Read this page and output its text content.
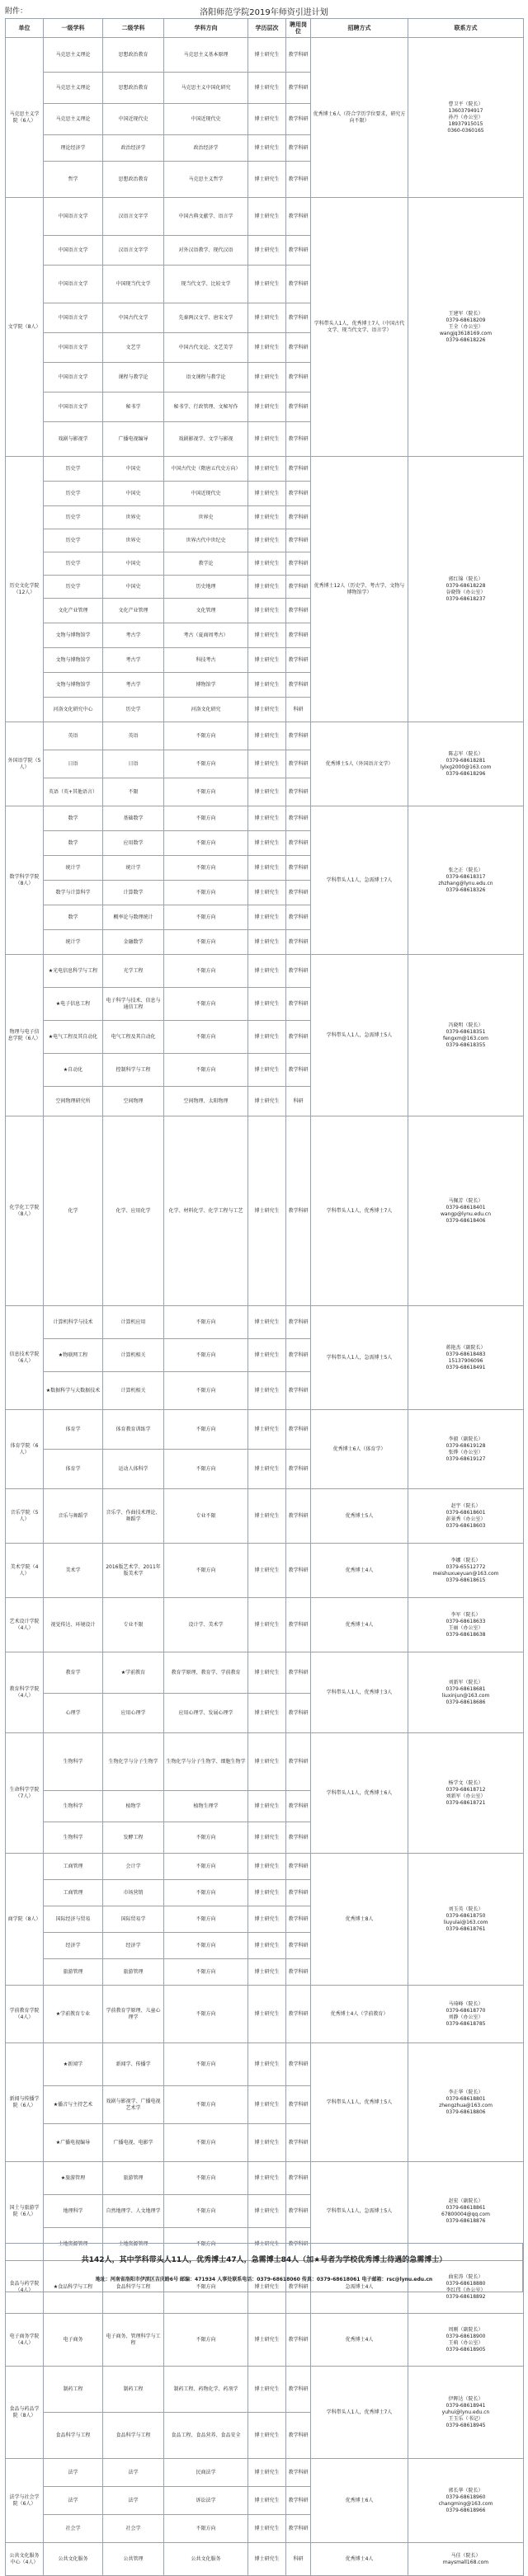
附件：	洛阳师范学院2019年师资引进计划
单位	一级学科	二级学科	学科方向	学历层次	聘用岗位	招聘方式	联系方式
马克思主义学院（6人）	马克思主义理论	思想政治教育	马克思主义基本原理	博士研究生	教学科研	优秀博士6人（符合学历学位要求，研究方向不限）	曹卫平（院长）
13603794917
孙丹（办公室）
18937915015
0360-0360165
	马克思主义理论	思想政治教育	马克思主义中国化研究	博士研究生	教学科研		
	马克思主义理论	中国近现代史	中国近现代史	博士研究生	教学科研		
	理论经济学	政治经济学	政治经济学	博士研究生	教学科研		
	哲学	思想政治教育	马克思主义哲学	博士研究生	教学科研		
文学院（8人）	中国语言文学	汉语言文字学	中国古典文献学、语言学	博士研究生	教学科研	学科带头人1人，优秀博士7人（中国古代文学、现当代文学、语言学）	王建军（院长）
0379-68618209
王全（办公室）
wangjq3618169.com
0379-68618226
	中国语言文学	汉语言文字学	对外汉语教学、现代汉语	博士研究生	教学科研		
	中国语言文学	中国现当代文学	现当代文学、比较文学	博士研究生	教学科研		
	中国语言文学	中国古代文学	先秦两汉文学、唐宋文学	博士研究生	教学科研		
	中国语言文学	文艺学	中国古代文论、文艺美学	博士研究生	教学科研		
	中国语言文学	课程与教学论	语文课程与教学论	博士研究生	教学科研		
	中国语言文学	秘书学	秘书学、行政管理、文秘写作	博士研究生	教学科研		
	戏剧与影视学	广播电视编导	戏剧影视学、文学与影视	博士研究生	教学科研		
历史文化学院（12人）	历史学	中国史	中国古代史（隋唐五代史方向）	博士研究生	教学科研	优秀博士12人（历史学、考古学、文物与博物馆学）	郭红锦（院长）
0379-68618228
谷晓锋（办公室）
0379-68618237
	历史学	中国史	中国近现代史	博士研究生	教学科研		
	历史学	世界史	世界史	博士研究生	教学科研		
	历史学	世界史	世界古代中世纪史	博士研究生	教学科研		
	历史学	中国史	教学论	博士研究生	教学科研		
	历史学	中国史	历史地理	博士研究生	教学科研		
	文化产业管理	文化产业管理	文化管理	博士研究生	教学科研		
	文物与博物馆学	考古学	考古（夏商周考古）	博士研究生	教学科研		
	文物与博物馆学	考古学	科技考古	博士研究生	教学科研		
	文物与博物馆学	考古学	博物馆学	博士研究生	教学科研		
	河洛文化研究中心	历史学	河洛文化研究	博士研究生	科研		
外国语学院（5人）	英语	英语	不限方向	博士研究生	教学科研	优秀博士5人（外国语言文学）	陈志军（院长）
0379-68618281
lylxg2000@163.com
0379-68618296
	日语	日语	不限方向	博士研究生	教学科研		
	英语（英+其他语言）	不限	不限方向	博士研究生	教学科研		
数学科学学院（8人）	数学	基础数学	不限方向	博士研究生	教学科研	学科带头人1人，急需博士7人	张之正（院长）
0379-68618317
zhzhang@lynu.edu.cn
0379-68618326
	数学	应用数学	不限方向	博士研究生	教学科研		
	统计学	统计学	不限方向	博士研究生	教学科研		
	数学与计算科学	计算数学	不限方向	博士研究生	教学科研		
	数学	概率论与数理统计	不限方向	博士研究生	教学科研		
	统计学	金融数学	不限方向	博士研究生	教学科研		
物理与电子信息学院（6人）	★光电信息科学与工程	光学工程	不限方向	博士研究生	教学科研	学科带头人1人，急需博士5人	冯晓明（院长）
0379-68618351
fengxm@163.com
0379-68618355
	★电子信息工程	电子科学与技术、信息与通信工程	不限方向	博士研究生	教学科研		
	★电气工程及其自动化	电气工程及其自动化	不限方向	博士研究生	教学科研		
	★自动化	控制科学与工程	不限方向	博士研究生	教学科研		
	空间物理研究所	空间物理	空间物理、太阳物理	博士研究生	科研		
化学化工学院（8人）	化学	化学、应用化学	化学、材料化学、化学工程与工艺	博士研究生	教学科研	学科带头人1人，优秀博士7人	马佩芳（院长）
0379-68618401
wangp@lynu.edu.cn
0379-68618406
信息技术学院（6人）	计算机科学与技术	计算机应用	不限方向	博士研究生	教学科研	学科带头人1人，急需博士5人	蒋艳杰（副院长）
0379-68618483
15137906096
0379-68618491
	★物联网工程	计算机相关	不限方向	博士研究生	教学科研		
	★数据科学与大数据技术	计算机相关	不限方向	博士研究生	教学科研		
体育学院（6人）	体育学	体育教育训练学	不限方向	博士研究生	教学科研	优秀博士6人（体育学）	李毅（副院长）
0379-68619128
张烨（办公室）
0379-68619127
	体育学	运动人体科学	不限方向	博士研究生	教学科研		
音乐学院（5人）	音乐与舞蹈学	音乐学、作曲技术理论、舞蹈学	专业不限	博士研究生	教学科研	优秀博士5人	赵宇（院长）
0379-68618601
彭景秀（办公室）
0379-68618603
美术学院（4人）	美术学	2016版艺术学、2011年版美术学	不限方向	博士研究生	教学科研	优秀博士4人	李娜（院长）
0379-65512772
meishuxueyuan@163.com
0379-68618615
艺术设计学院（4人）	视觉传达、环境设计	专业不限	设计学、美术学	博士研究生	教学科研	优秀博士4人	李军（院长）
0379-68618633
王丽（办公室）
0379-68618638
教育科学学院（4人）	教育学	★学前教育	教育学原理、教育学、学前教育	博士研究生	教学科研	学科带头人1人，优秀博士3人	刘新军（院长）
0379-68618681
liuxinjun@163.com
0379-68618686
	心理学	应用心理学	应用心理学、发展心理学	博士研究生	教学科研		
生命科学学院（7人）	生物科学	生物化学与分子生物学	生物化学与分子生物学、细胞生物学	博士研究生	教学科研	学科带头人1人，优秀博士6人	杨学文（院长）
0379-68618712
刘新军（办公室）
0379-68618721
	生物科学	植物学	植物生理学	博士研究生	教学科研		
	生物科学	发酵工程	不限方向	博士研究生	教学科研		
商学院（8人）	工商管理	会计学	不限方向	博士研究生	教学科研	优秀博士8人	刘玉英（院长）
0379-68618750
liuyulai@163.com
0379-68618761
	工商管理	市场营销	不限方向	博士研究生	教学科研		
	国际经济与贸易	国际贸易学	不限方向	博士研究生	教学科研		
	经济学	经济学	不限方向	博士研究生	教学科研		
	旅游管理	旅游管理	不限方向	博士研究生	教学科研		
学前教育学院（4人）	★学前教育专业	学前教育学原理、儿童心理学	不限方向	博士研究生	教学科研	优秀博士4人（学前教育）	马琦峰（院长）
0379-68618770
刘静（办公室）
0379-68618785
新闻与传播学院（6人）	★新闻学	新闻学、传播学	不限方向	博士研究生	教学科研	学科带头人1人，优秀博士5人	李正华（院长）
0379-68618801
zhengzhua@163.com
0379-68618806
	★播音与主持艺术	戏剧与影视学、广播电视艺术学	不限方向	博士研究生	教学科研		
	★广播电视编导	广播电视、电影学	不限方向	博士研究生	教学科研		
国土与旅游学院（6人）	★旅游管理	旅游管理	不限方向	博士研究生	教学科研	学科带头人1人，急需博士5人	赵宏（副院长）
0379-68618861
67800004@qq.com
0379-68618876
	地理科学	自然地理学、人文地理学	不限方向	博士研究生	教学科研		
	土地资源管理	土地资源管理	不限方向	博士研究生	教学科研		
食品与药学院（4人）	★食品科学与工程	食品科学与工程	不限方向	博士研究生	教学科研	急需博士4人	曲宏涛（院长）
0379-68618880
李红伟（办公室）
0379-68618892
电子商务学院（4人）	电子商务	电子商务、管理科学与工程	不限方向	博士研究生	教学科研	优秀博士4人	周刚（副院长）
0379-68618900
王萌（办公室）
0379-68618905
食品与药品学院（8人）	制药工程	制药工程	制药工程、药物化学、药剂学	博士研究生	教学科研	学科带头人1人，优秀博士7人	伊晖达（院长）
0379-68618941
yuhui@lynu.edu.cn
王玉乐（书记）
0379-68618945
	食品科学与工程	食品科学与工程	食品工程、食品营养、食品安全	博士研究生	教学科研		
法学与社会学院（6人）	法学	法学	民商法学	博士研究生	教学科研	优秀博士6人	郭长华（院长）
0379-68618960
changming@163.com
0379-68618966
	法学	法学	诉讼法学	博士研究生	教学科研		
	社会学	社会学	不限方向	博士研究生	教学科研		
公共文化服务中心（4人）	公共文化服务	公共管理	公共文化服务	博士研究生	科研	优秀博士4人	马佳（院长）
maysmall168.com
共142人，其中学科带头人11人，优秀博士47人，急需博士84人（加★号者为学校优秀博士待遇的急需博士）
地址：河南省洛阳市伊滨区吉庆路6号 邮编：471934 人事处联系电话：0379-68618060 传真：0379-68618061 电子邮箱：rsc@lynu.edu.cn
